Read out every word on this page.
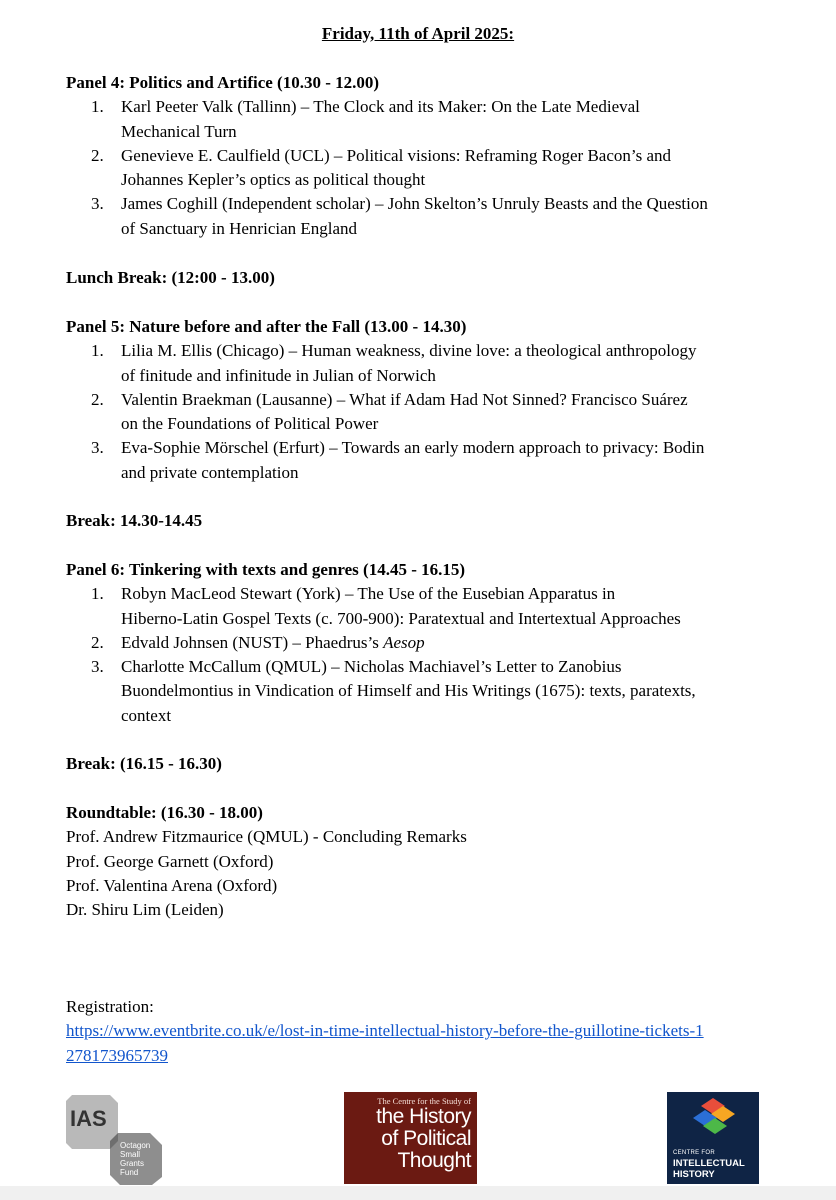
Friday, 11th of April 2025:
Panel 4: Politics and Artifice (10.30 - 12.00)
1. Karl Peeter Valk (Tallinn) – The Clock and its Maker: On the Late Medieval
Mechanical Turn
2. Genevieve E. Caulfield (UCL) – Political visions: Reframing Roger Bacon’s and
Johannes Kepler’s optics as political thought
3. James Coghill (Independent scholar) – John Skelton’s Unruly Beasts and the Question
of Sanctuary in Henrician England
Lunch Break: (12:00 - 13.00)
Panel 5: Nature before and after the Fall (13.00 - 14.30)
1. Lilia M. Ellis (Chicago) – Human weakness, divine love: a theological anthropology
of finitude and infinitude in Julian of Norwich
2. Valentin Braekman (Lausanne) – What if Adam Had Not Sinned? Francisco Suárez
on the Foundations of Political Power
3. Eva-Sophie Mörschel (Erfurt) – Towards an early modern approach to privacy: Bodin
and private contemplation
Break: 14.30-14.45
Panel 6: Tinkering with texts and genres (14.45 - 16.15)
1. Robyn MacLeod Stewart (York) – The Use of the Eusebian Apparatus in
Hiberno-Latin Gospel Texts (c. 700-900): Paratextual and Intertextual Approaches
2. Edvald Johnsen (NUST) – Phaedrus’s Aesop
3. Charlotte McCallum (QMUL) – Nicholas Machiavel’s Letter to Zanobius
Buondelmontius in Vindication of Himself and His Writings (1675): texts, paratexts,
context
Break: (16.15 - 16.30)
Roundtable: (16.30 - 18.00)
Prof. Andrew Fitzmaurice (QMUL) - Concluding Remarks
Prof. George Garnett (Oxford)
Prof. Valentina Arena (Oxford)
Dr. Shiru Lim (Leiden)
Registration:
https://www.eventbrite.co.uk/e/lost-in-time-intellectual-history-before-the-guillotine-tickets-1
278173965739
IAS
Octagon
Small
Grants
Fund
The Centre for the Study of
the History
of Political
Thought	CENTRE FOR
INTELLECTUAL
HISTORY
